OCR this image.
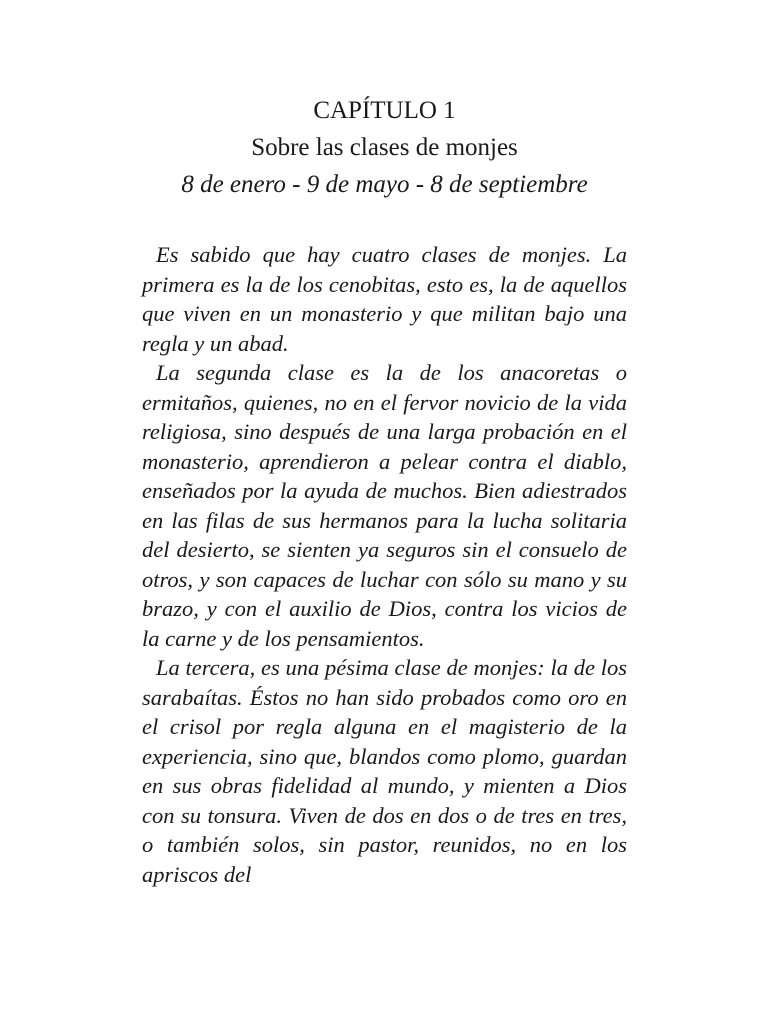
CAPÍTULO 1
Sobre las clases de monjes
8 de enero - 9 de mayo - 8 de septiembre

Es sabido que hay cuatro clases de monjes. La primera es la de los cenobitas, esto es, la de aquellos que viven en un monasterio y que militan bajo una regla y un abad.

La segunda clase es la de los anacoretas o ermitaños, quienes, no en el fervor novicio de la vida religiosa, sino después de una larga probación en el monasterio, aprendieron a pelear contra el diablo, enseñados por la ayuda de muchos. Bien adiestrados en las filas de sus hermanos para la lucha solitaria del desierto, se sienten ya seguros sin el consuelo de otros, y son capaces de luchar con sólo su mano y su brazo, y con el auxilio de Dios, contra los vicios de la carne y de los pensamientos.

La tercera, es una pésima clase de monjes: la de los sarabaítas. Éstos no han sido probados como oro en el crisol por regla alguna en el magisterio de la experiencia, sino que, blandos como plomo, guardan en sus obras fidelidad al mundo, y mienten a Dios con su tonsura. Viven de dos en dos o de tres en tres, o también solos, sin pastor, reunidos, no en los apriscos del
